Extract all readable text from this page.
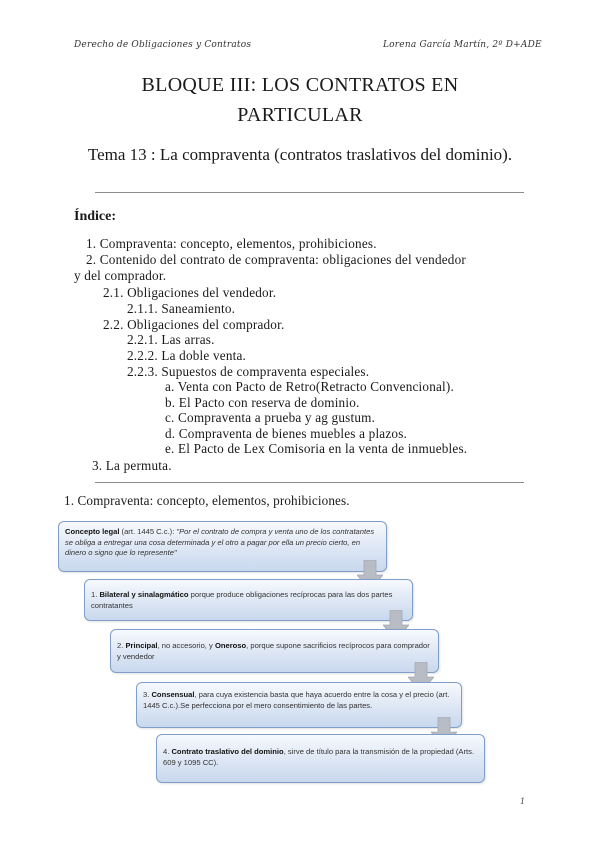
Derecho de Obligaciones y Contratos	Lorena García Martín, 2º D+ADE
BLOQUE III: LOS CONTRATOS EN
PARTICULAR
Tema 13 : La compraventa (contratos traslativos del dominio).
Índice:
1. Compraventa: concepto, elementos, prohibiciones.
2. Contenido del contrato de compraventa: obligaciones del vendedor
y del comprador.
2.1. Obligaciones del vendedor.
2.1.1. Saneamiento.
2.2. Obligaciones del comprador.
2.2.1. Las arras.
2.2.2. La doble venta.
2.2.3. Supuestos de compraventa especiales.
a. Venta con Pacto de Retro(Retracto Convencional).
b. El Pacto con reserva de dominio.
c. Compraventa a prueba y ag gustum.
d. Compraventa de bienes muebles a plazos.
e. El Pacto de Lex Comisoria en la venta de inmuebles.
3. La permuta.
1. Compraventa: concepto, elementos, prohibiciones.
Concepto legal (art. 1445 C.c.): "Por el contrato de compra y venta uno de los contratantes se obliga a entregar una cosa determinada y el otro a pagar por ella un precio cierto, en dinero o signo que lo represente"
1. Bilateral y sinalagmático porque produce obligaciones recíprocas para las dos partes contratantes
2. Principal, no accesorio, y Oneroso, porque supone sacrificios recíprocos para comprador y vendedor
3. Consensual, para cuya existencia basta que haya acuerdo entre la cosa y el precio (art. 1445 C.c.).Se perfecciona por el mero consentimiento de las partes.
4. Contrato traslativo del dominio, sirve de título para la transmisión de la propiedad (Arts. 609 y 1095 CC).
1
